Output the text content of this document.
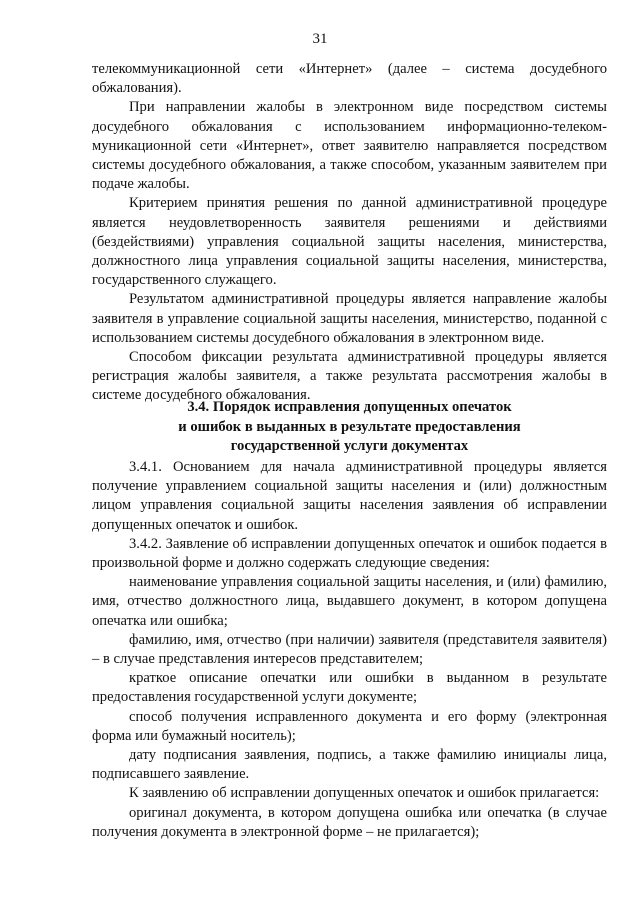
31

телекоммуникационной сети «Интернет» (далее – система досудебного обжалования).

При направлении жалобы в электронном виде посредством системы досудебного обжалования с использованием информационно-телеком-муникационной сети «Интернет», ответ заявителю направляется посредством системы досудебного обжалования, а также способом, указанным заявителем при подаче жалобы.

Критерием принятия решения по данной административной процедуре является неудовлетворенность заявителя решениями и действиями (бездействиями) управления социальной защиты населения, министерства, должностного лица управления социальной защиты населения, министерства, государственного служащего.

Результатом административной процедуры является направление жалобы заявителя в управление социальной защиты населения, министерство, поданной с использованием системы досудебного обжалования в электронном виде.

Способом фиксации результата административной процедуры является регистрация жалобы заявителя, а также результата рассмотрения жалобы в системе досудебного обжалования.

3.4. Порядок исправления допущенных опечаток
и ошибок в выданных в результате предоставления
государственной услуги документах

3.4.1. Основанием для начала административной процедуры является получение управлением социальной защиты населения и (или) должностным лицом управления социальной защиты населения заявления об исправлении допущенных опечаток и ошибок.

3.4.2. Заявление об исправлении допущенных опечаток и ошибок подается в произвольной форме и должно содержать следующие сведения:

наименование управления социальной защиты населения, и (или) фамилию, имя, отчество должностного лица, выдавшего документ, в котором допущена опечатка или ошибка;

фамилию, имя, отчество (при наличии) заявителя (представителя заявителя) – в случае представления интересов представителем;

краткое описание опечатки или ошибки в выданном в результате предоставления государственной услуги документе;

способ получения исправленного документа и его форму (электронная форма или бумажный носитель);

дату подписания заявления, подпись, а также фамилию инициалы лица, подписавшего заявление.

К заявлению об исправлении допущенных опечаток и ошибок прилагается:

оригинал документа, в котором допущена ошибка или опечатка (в случае получения документа в электронной форме – не прилагается);
